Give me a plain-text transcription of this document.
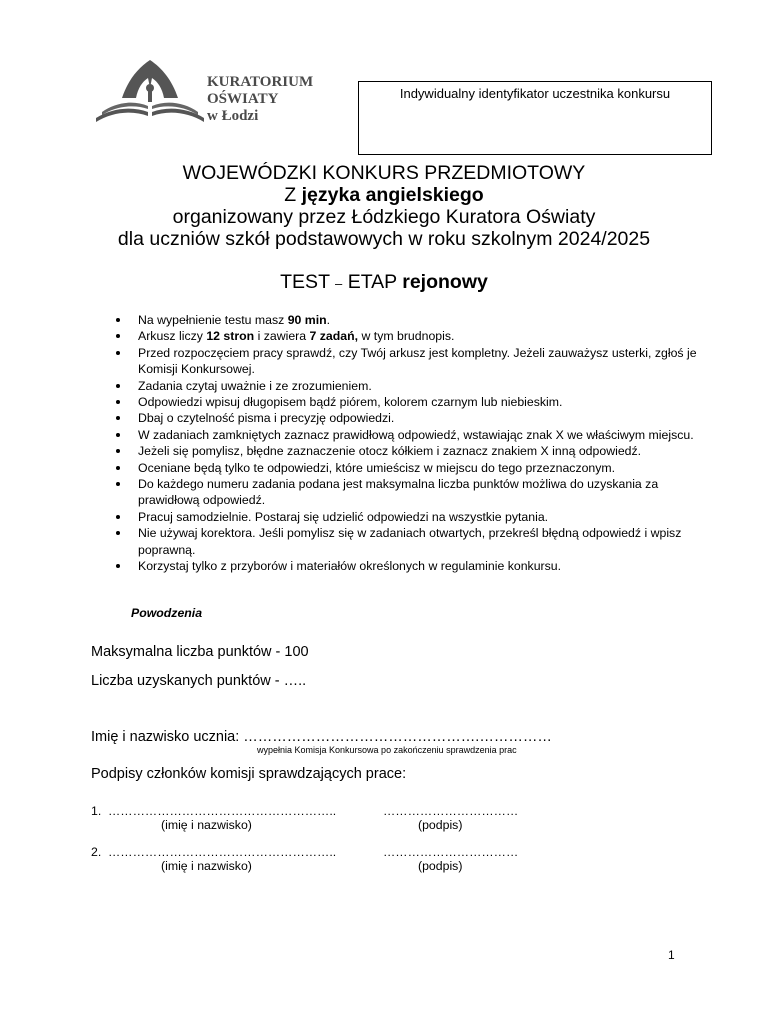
KURATORIUM
OŚWIATY
w Łodzi
Indywidualny identyfikator uczestnika konkursu
WOJEWÓDZKI KONKURS PRZEDMIOTOWY
Z języka angielskiego
organizowany przez Łódzkiego Kuratora Oświaty
dla uczniów szkół podstawowych w roku szkolnym 2024/2025
TEST – ETAP rejonowy
Na wypełnienie testu masz 90 min.
Arkusz liczy 12 stron i zawiera 7 zadań, w tym brudnopis.
Przed rozpoczęciem pracy sprawdź, czy Twój arkusz jest kompletny. Jeżeli zauważysz usterki, zgłoś je Komisji Konkursowej.
Zadania czytaj uważnie i ze zrozumieniem.
Odpowiedzi wpisuj długopisem bądź piórem, kolorem czarnym lub niebieskim.
Dbaj o czytelność pisma i precyzję odpowiedzi.
W zadaniach zamkniętych zaznacz prawidłową odpowiedź, wstawiając znak X we właściwym miejscu.
Jeżeli się pomylisz, błędne zaznaczenie otocz kółkiem i zaznacz znakiem X inną odpowiedź.
Oceniane będą tylko te odpowiedzi, które umieścisz w miejscu do tego przeznaczonym.
Do każdego numeru zadania podana jest maksymalna liczba punktów możliwa do uzyskania za prawidłową odpowiedź.
Pracuj samodzielnie. Postaraj się udzielić odpowiedzi na wszystkie pytania.
Nie używaj korektora. Jeśli pomylisz się w zadaniach otwartych, przekreśl błędną odpowiedź i wpisz poprawną.
Korzystaj tylko z przyborów i materiałów określonych w regulaminie konkursu.
Powodzenia
Maksymalna liczba punktów - 100
Liczba uzyskanych punktów - …..
Imię i nazwisko ucznia: ………………………………………….……………
wypełnia Komisja Konkursowa po zakończeniu sprawdzenia prac
Podpisy członków komisji sprawdzających prace:
1. ………………………………………………..	……………………………
(imię i nazwisko)	(podpis)
2. ………………………………………………..	……………………………
(imię i nazwisko)	(podpis)
1
